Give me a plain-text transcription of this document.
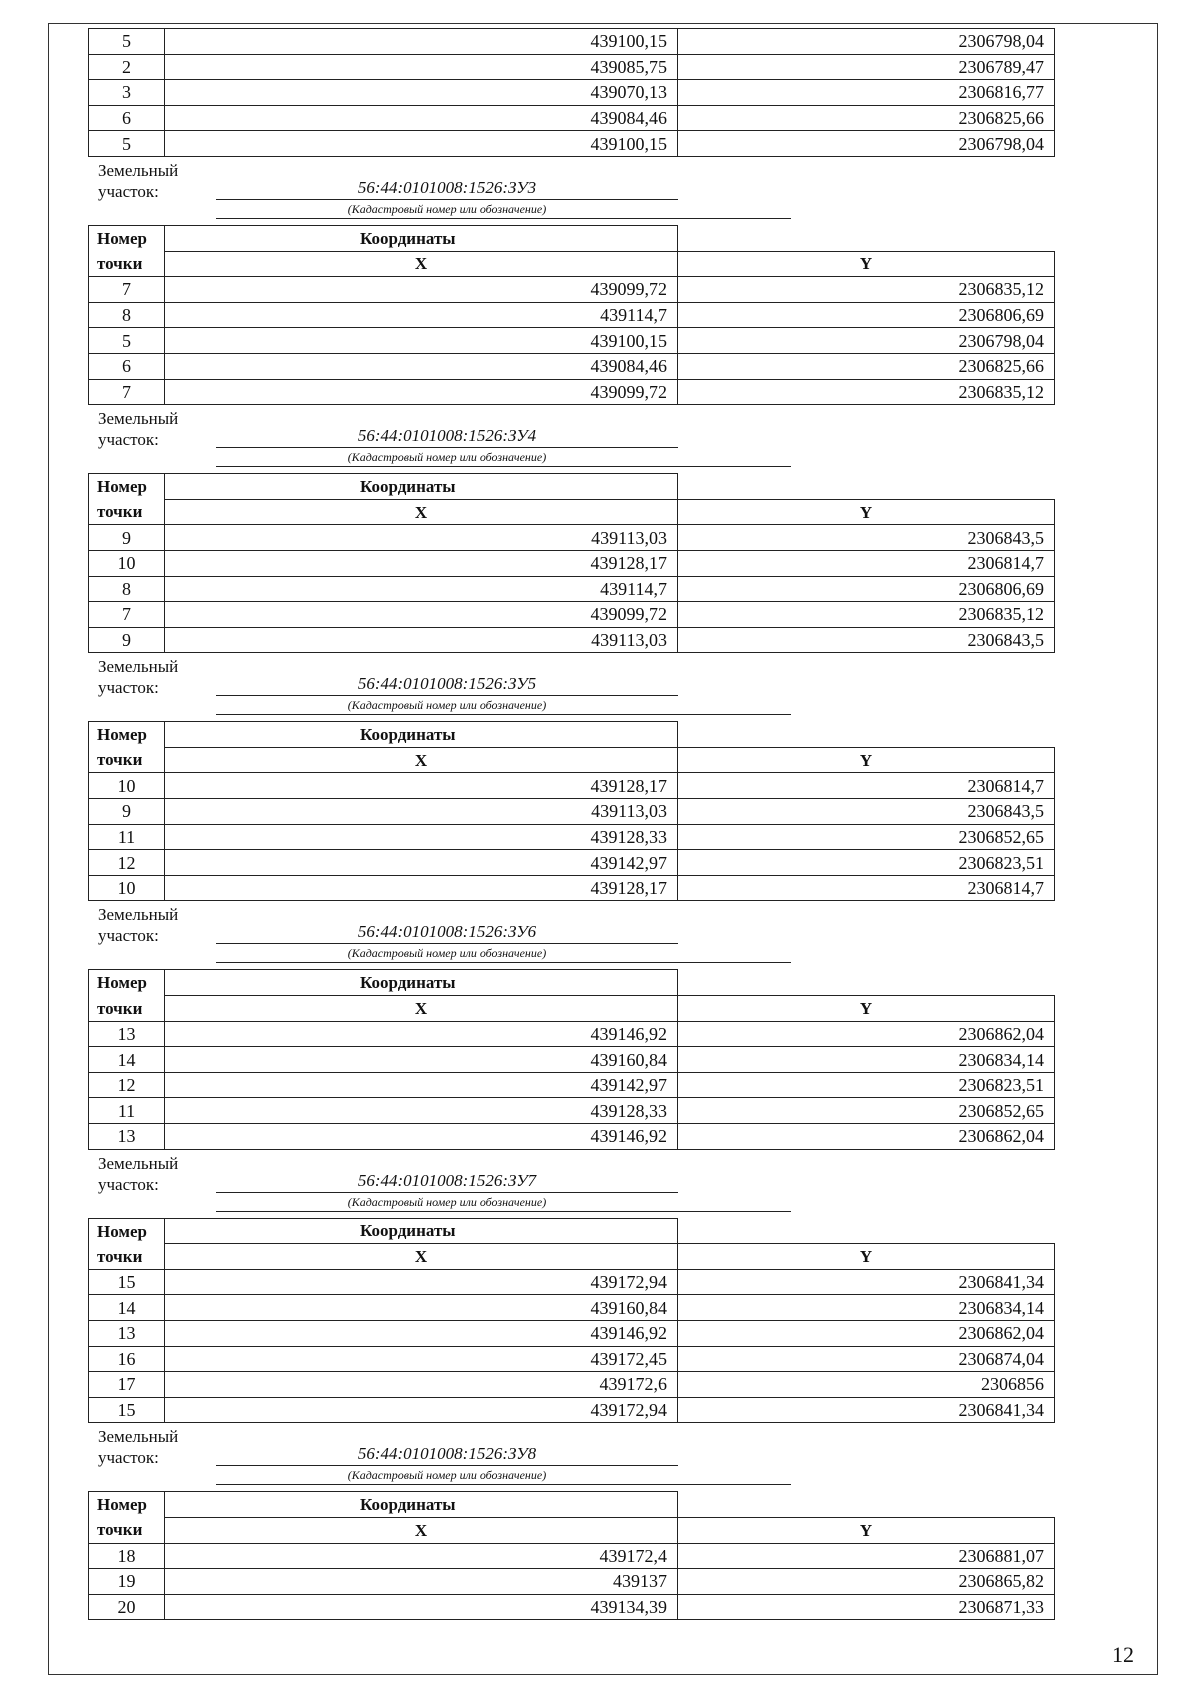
5	439100,15	2306798,04
2	439085,75	2306789,47
3	439070,13	2306816,77
6	439084,46	2306825,66
5	439100,15	2306798,04
Земельный
участок:	56:44:0101008:1526:ЗУ3
(Кадастровый номер или обозначение)
Номер	Координаты	
точки	X	Y
7	439099,72	2306835,12
8	439114,7	2306806,69
5	439100,15	2306798,04
6	439084,46	2306825,66
7	439099,72	2306835,12
Земельный
участок:	56:44:0101008:1526:ЗУ4
(Кадастровый номер или обозначение)
Номер	Координаты	
точки	X	Y
9	439113,03	2306843,5
10	439128,17	2306814,7
8	439114,7	2306806,69
7	439099,72	2306835,12
9	439113,03	2306843,5
Земельный
участок:	56:44:0101008:1526:ЗУ5
(Кадастровый номер или обозначение)
Номер	Координаты	
точки	X	Y
10	439128,17	2306814,7
9	439113,03	2306843,5
11	439128,33	2306852,65
12	439142,97	2306823,51
10	439128,17	2306814,7
Земельный
участок:	56:44:0101008:1526:ЗУ6
(Кадастровый номер или обозначение)
Номер	Координаты	
точки	X	Y
13	439146,92	2306862,04
14	439160,84	2306834,14
12	439142,97	2306823,51
11	439128,33	2306852,65
13	439146,92	2306862,04
Земельный
участок:	56:44:0101008:1526:ЗУ7
(Кадастровый номер или обозначение)
Номер	Координаты	
точки	X	Y
15	439172,94	2306841,34
14	439160,84	2306834,14
13	439146,92	2306862,04
16	439172,45	2306874,04
17	439172,6	2306856
15	439172,94	2306841,34
Земельный
участок:	56:44:0101008:1526:ЗУ8
(Кадастровый номер или обозначение)
Номер	Координаты	
точки	X	Y
18	439172,4	2306881,07
19	439137	2306865,82
20	439134,39	2306871,33
12
